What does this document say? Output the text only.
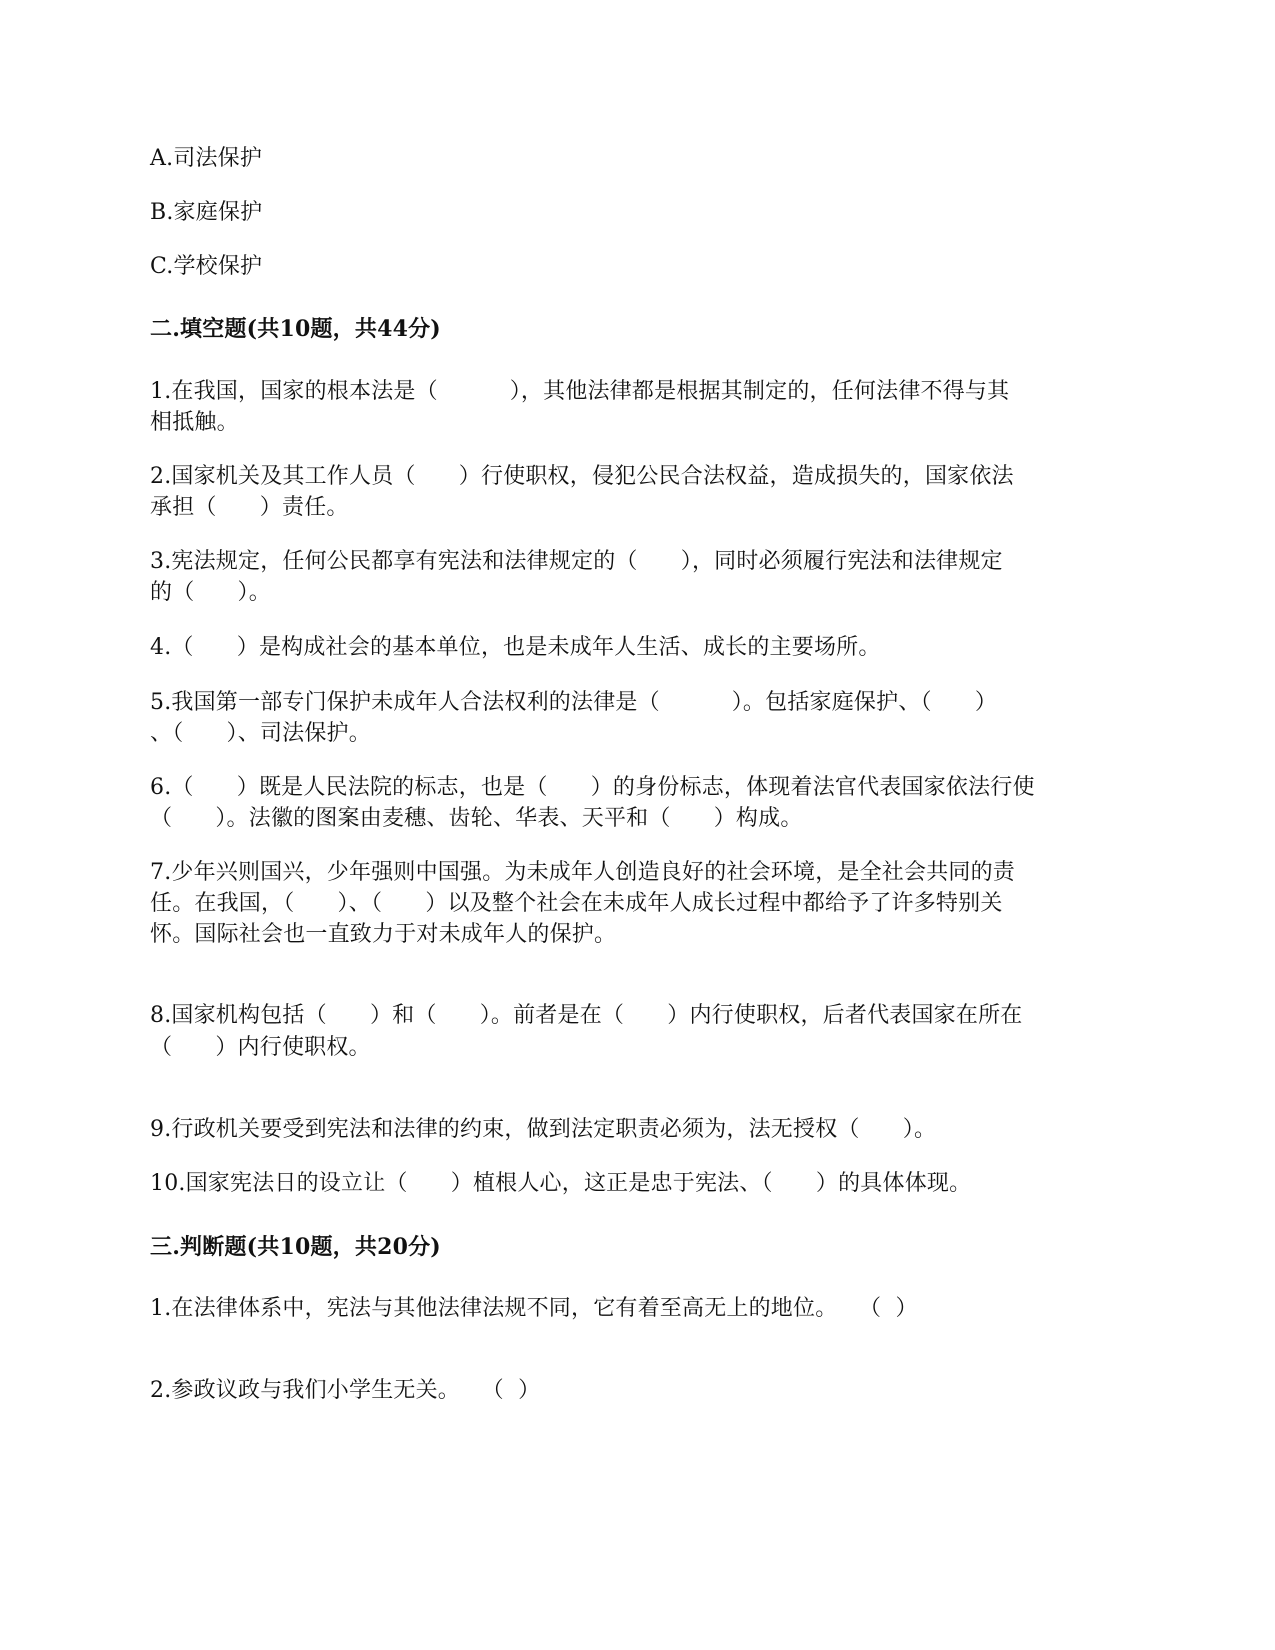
A.司法保护
B.家庭保护
C.学校保护
二.填空题(共10题，共44分)
1.在我国，国家的根本法是（          ），其他法律都是根据其制定的，任何法律不得与其
相抵触。
2.国家机关及其工作人员（      ）行使职权，侵犯公民合法权益，造成损失的，国家依法
承担（      ）责任。
3.宪法规定，任何公民都享有宪法和法律规定的（      ），同时必须履行宪法和法律规定
的（      ）。
4.（      ）是构成社会的基本单位，也是未成年人生活、成长的主要场所。
5.我国第一部专门保护未成年人合法权利的法律是（          ）。包括家庭保护、（      ）
、（      ）、司法保护。
6.（      ）既是人民法院的标志，也是（      ）的身份标志，体现着法官代表国家依法行使
（      ）。法徽的图案由麦穗、齿轮、华表、天平和（      ）构成。
7.少年兴则国兴，少年强则中国强。为未成年人创造良好的社会环境，是全社会共同的责
任。在我国，（      ）、（      ）以及整个社会在未成年人成长过程中都给予了许多特别关
怀。国际社会也一直致力于对未成年人的保护。
8.国家机构包括（      ）和（      ）。前者是在（      ）内行使职权，后者代表国家在所在
（      ）内行使职权。
9.行政机关要受到宪法和法律的约束，做到法定职责必须为，法无授权（      ）。
10.国家宪法日的设立让（      ）植根人心，这正是忠于宪法、（      ）的具体体现。
三.判断题(共10题，共20分)
1.在法律体系中，宪法与其他法律法规不同，它有着至高无上的地位。   （  ）
2.参政议政与我们小学生无关。   （  ）
